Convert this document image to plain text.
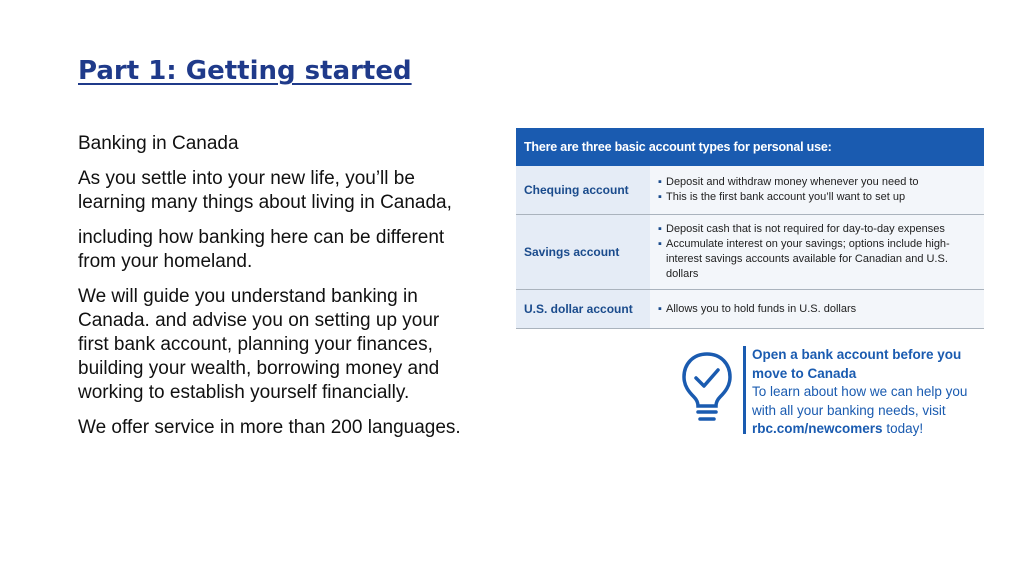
Part 1: Getting started

Banking in Canada

As you settle into your new life, you’ll be learning many things about living in Canada,

including how banking here can be different from your homeland.

We will guide you understand banking in Canada. and advise you on setting up your first bank account, planning your finances, building your wealth, borrowing money and working to establish yourself financially.

We offer service in more than 200 languages.

There are three basic account types for personal use:
Chequing account
▪ Deposit and withdraw money whenever you need to
▪ This is the first bank account you’ll want to set up
Savings account
▪ Deposit cash that is not required for day-to-day expenses
▪ Accumulate interest on your savings; options include high-interest savings accounts available for Canadian and U.S. dollars
U.S. dollar account	▪ Allows you to hold funds in U.S. dollars
Open a bank account before you move to Canada
To learn about how we can help you with all your banking needs, visit rbc.com/newcomers today!
